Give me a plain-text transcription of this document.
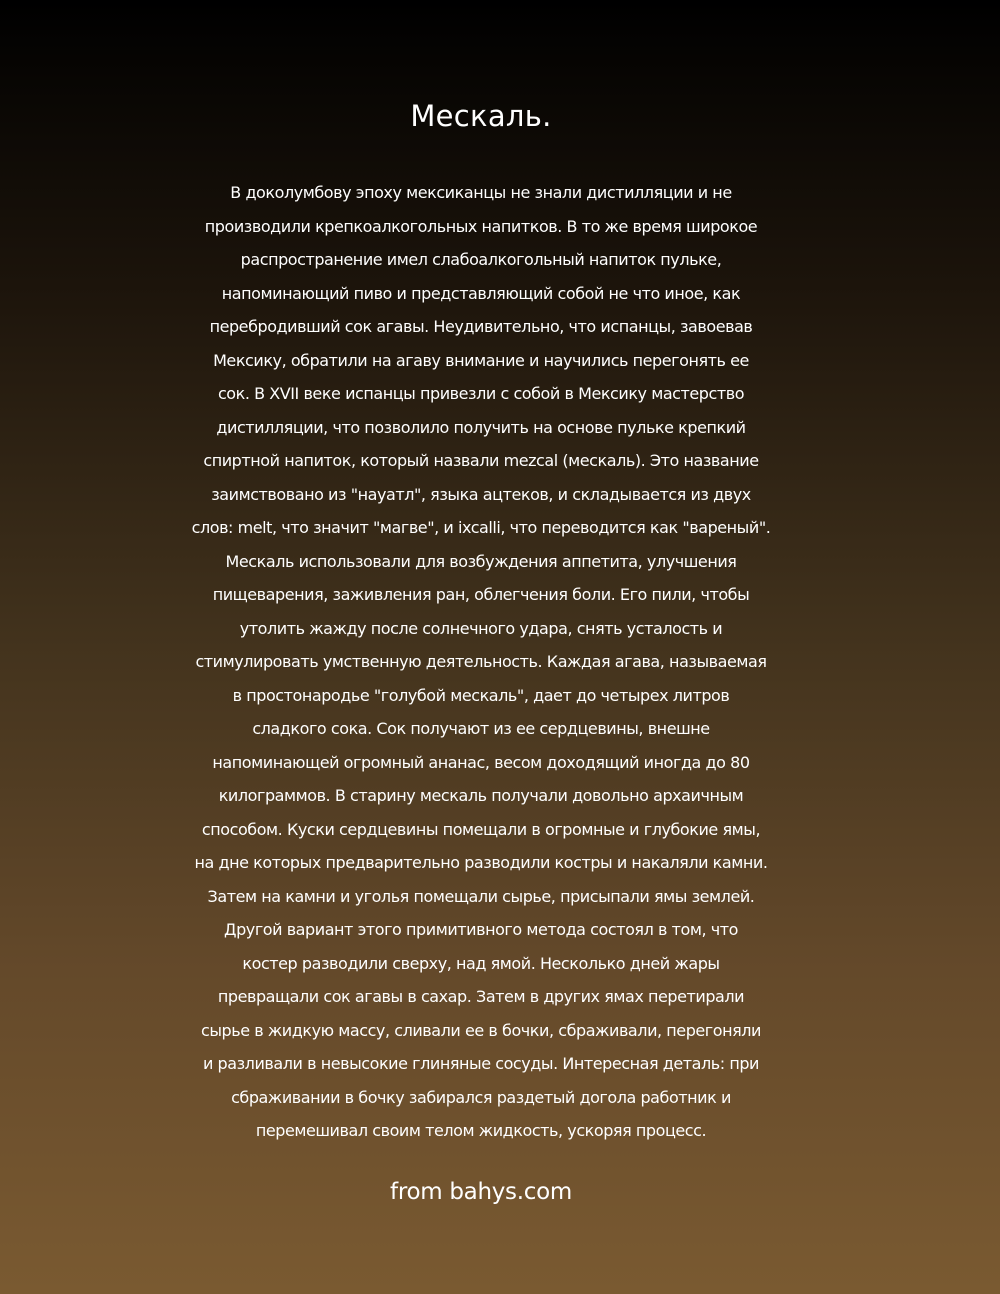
Мескаль.
В доколумбову эпоху мексиканцы не знали дистилляции и не
производили крепкоалкогольных напитков. В то же время широкое
распространение имел слабоалкогольный напиток пульке,
напоминающий пиво и представляющий собой не что иное, как
перебродивший сок агавы. Неудивительно, что испанцы, завоевав
Мексику, обратили на агаву внимание и научились перегонять ее
сок. В XVII веке испанцы привезли с собой в Мексику мастерство
дистилляции, что позволило получить на основе пульке крепкий
спиртной напиток, который назвали mezcal (мескаль). Это название
заимствовано из "науатл", языка ацтеков, и складывается из двух
слов: melt, что значит "магве", и ixcalli, что переводится как "вареный".
Мескаль использовали для возбуждения аппетита, улучшения
пищеварения, заживления ран, облегчения боли. Его пили, чтобы
утолить жажду после солнечного удара, снять усталость и
стимулировать умственную деятельность. Каждая агава, называемая
в простонародье "голубой мескаль", дает до четырех литров
сладкого сока. Сок получают из ее сердцевины, внешне
напоминающей огромный ананас, весом доходящий иногда до 80
килограммов. В старину мескаль получали довольно архаичным
способом. Куски сердцевины помещали в огромные и глубокие ямы,
на дне которых предварительно разводили костры и накаляли камни.
Затем на камни и уголья помещали сырье, присыпали ямы землей.
Другой вариант этого примитивного метода состоял в том, что
костер разводили сверху, над ямой. Несколько дней жары
превращали сок агавы в сахар. Затем в других ямах перетирали
сырье в жидкую массу, сливали ее в бочки, сбраживали, перегоняли
и разливали в невысокие глиняные сосуды. Интересная деталь: при
сбраживании в бочку забирался раздетый догола работник и
перемешивал своим телом жидкость, ускоряя процесс.
from bahys.com
